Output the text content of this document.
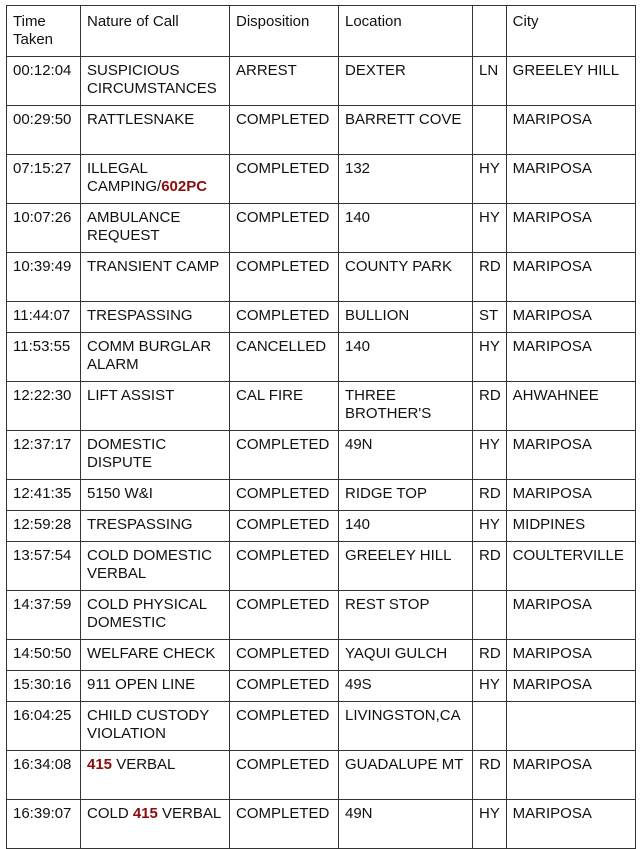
Time Taken	Nature of Call	Disposition	Location		City
00:12:04	SUSPICIOUS CIRCUMSTANCES	ARREST	DEXTER	LN	GREELEY HILL
00:29:50	RATTLESNAKE	COMPLETED	BARRETT COVE		MARIPOSA
07:15:27	ILLEGAL CAMPING/602PC	COMPLETED	132	HY	MARIPOSA
10:07:26	AMBULANCE REQUEST	COMPLETED	140	HY	MARIPOSA
10:39:49	TRANSIENT CAMP	COMPLETED	COUNTY PARK	RD	MARIPOSA
11:44:07	TRESPASSING	COMPLETED	BULLION	ST	MARIPOSA
11:53:55	COMM BURGLAR ALARM	CANCELLED	140	HY	MARIPOSA
12:22:30	LIFT ASSIST	CAL FIRE	THREE BROTHER'S	RD	AHWAHNEE
12:37:17	DOMESTIC DISPUTE	COMPLETED	49N	HY	MARIPOSA
12:41:35	5150 W&I	COMPLETED	RIDGE TOP	RD	MARIPOSA
12:59:28	TRESPASSING	COMPLETED	140	HY	MIDPINES
13:57:54	COLD DOMESTIC VERBAL	COMPLETED	GREELEY HILL	RD	COULTERVILLE
14:37:59	COLD PHYSICAL DOMESTIC	COMPLETED	REST STOP		MARIPOSA
14:50:50	WELFARE CHECK	COMPLETED	YAQUI GULCH	RD	MARIPOSA
15:30:16	911 OPEN LINE	COMPLETED	49S	HY	MARIPOSA
16:04:25	CHILD CUSTODY VIOLATION	COMPLETED	LIVINGSTON,CA		
16:34:08	415 VERBAL	COMPLETED	GUADALUPE MT	RD	MARIPOSA
16:39:07	COLD 415 VERBAL	COMPLETED	49N	HY	MARIPOSA
